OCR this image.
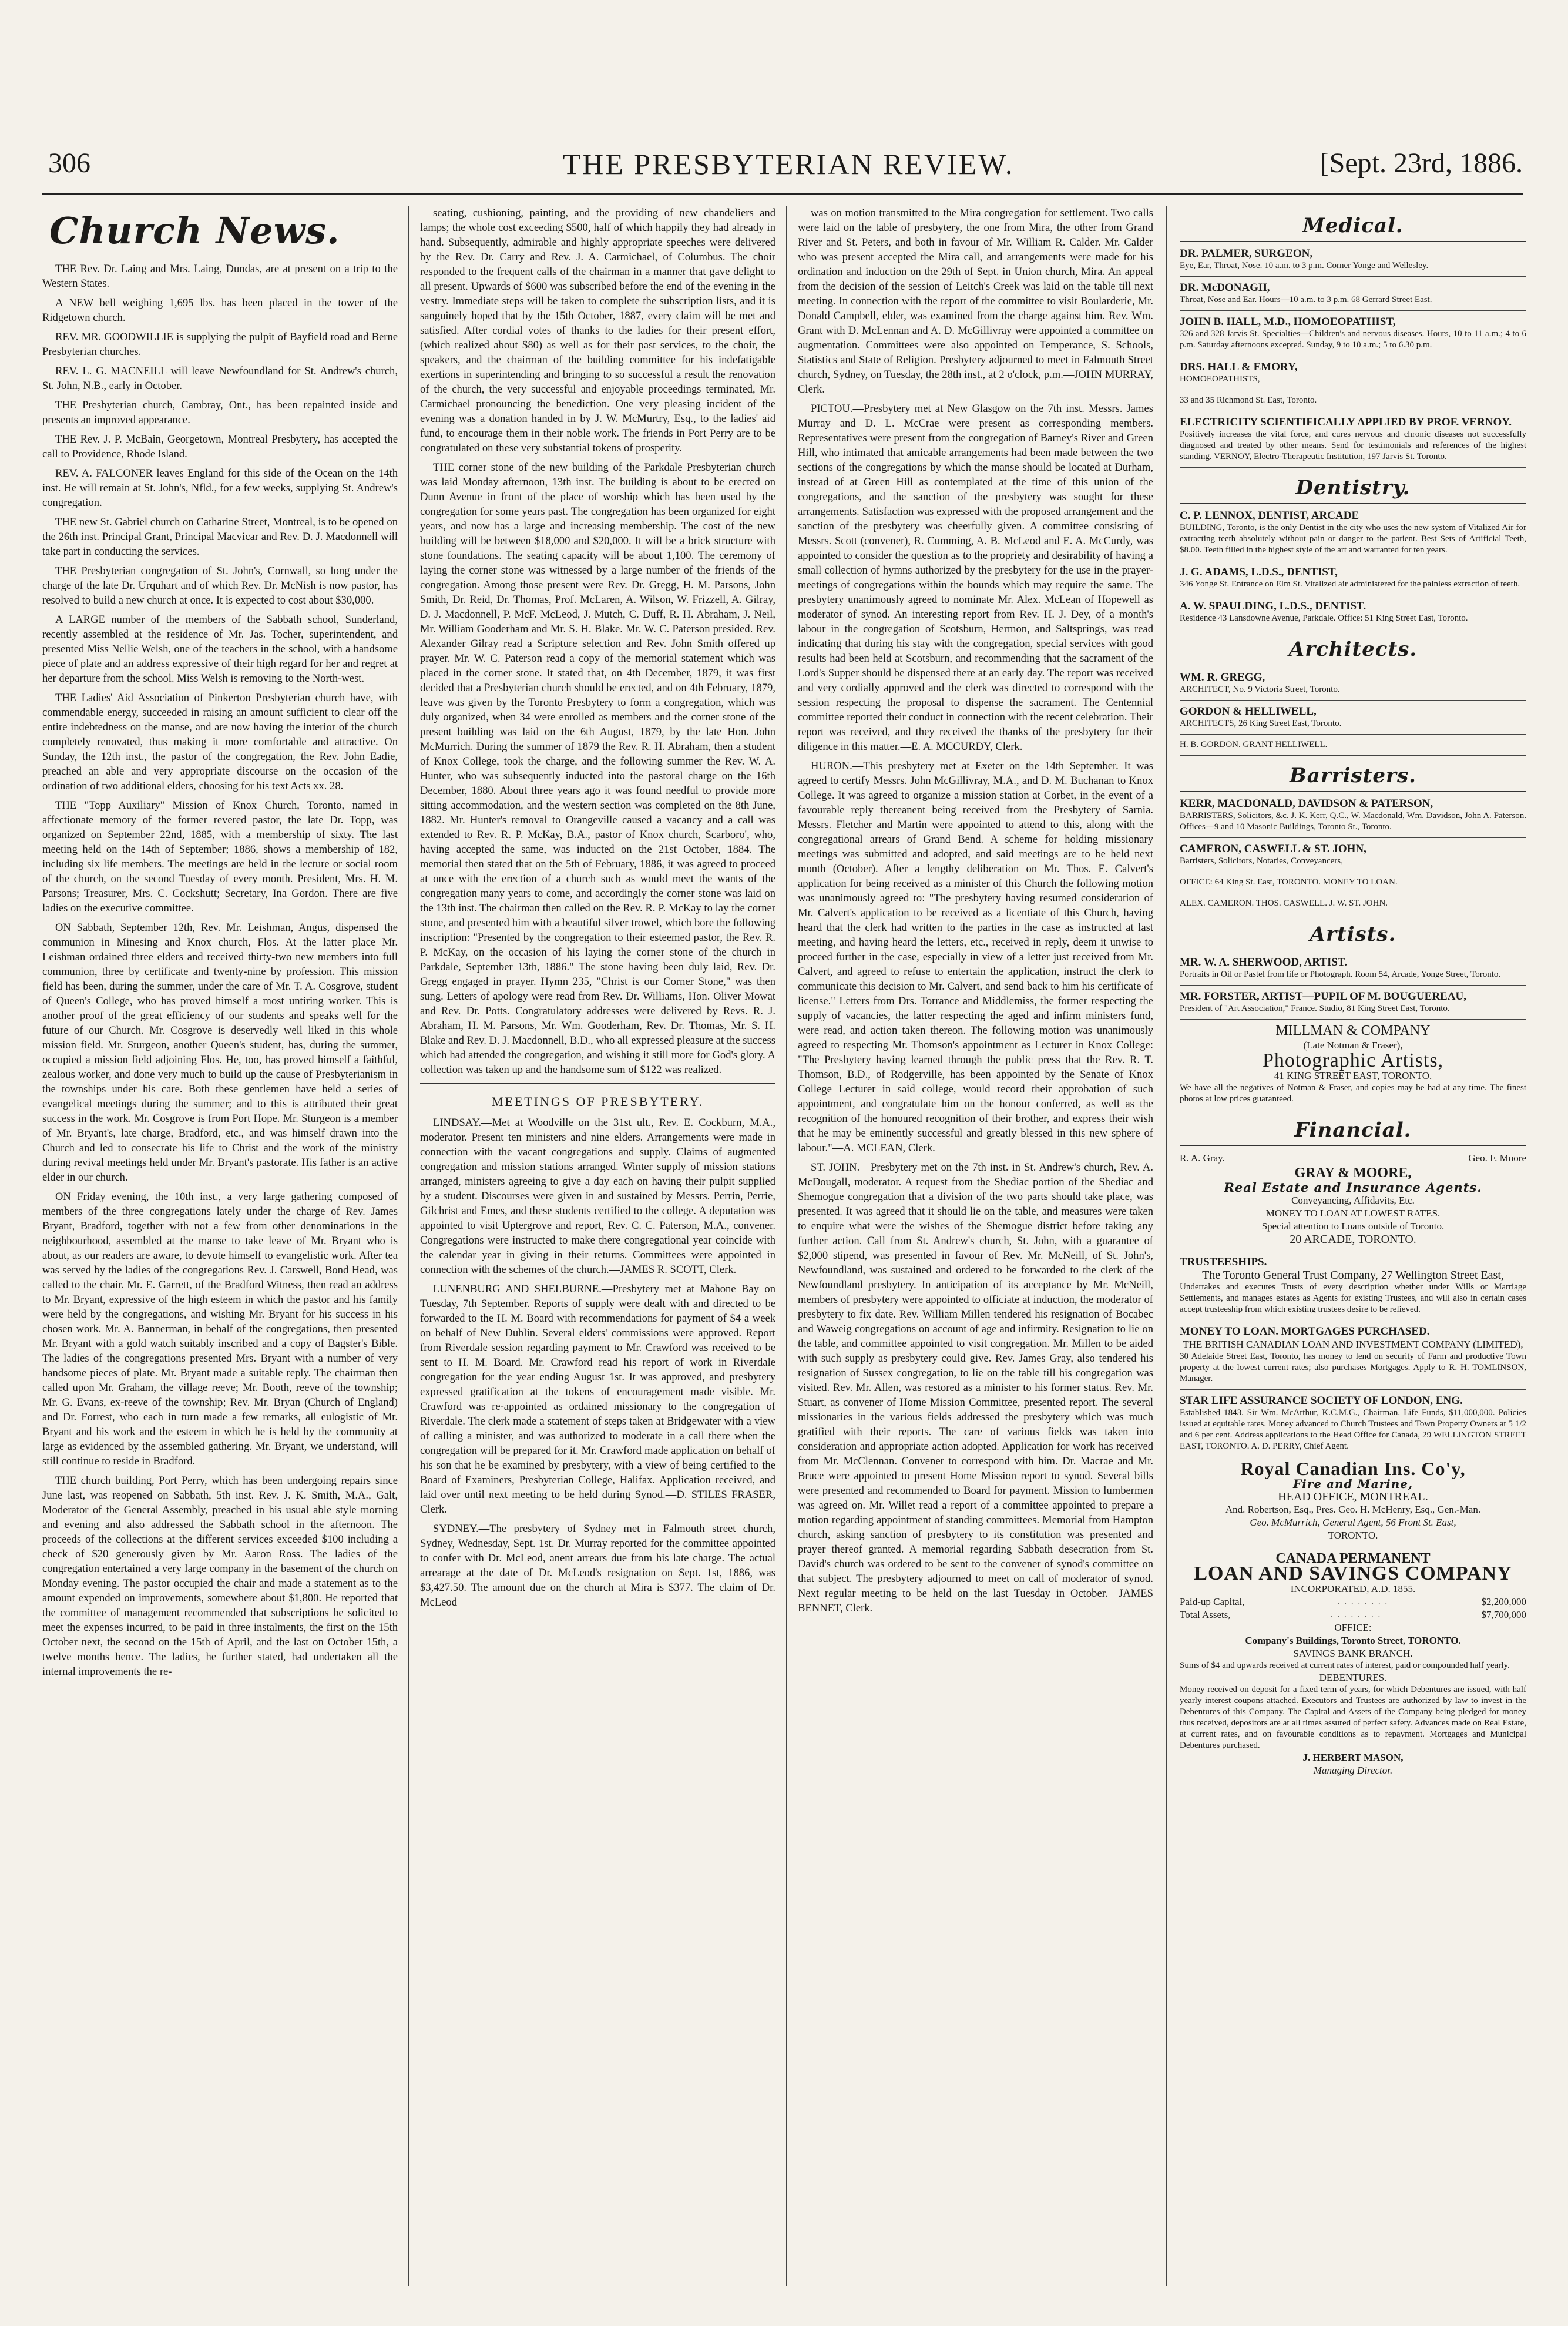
306	THE PRESBYTERIAN REVIEW.	[Sept. 23rd, 1886.
Church News.

THE Rev. Dr. Laing and Mrs. Laing, Dundas, are at present on a trip to the Western States.

A NEW bell weighing 1,695 lbs. has been placed in the tower of the Ridgetown church.

REV. MR. GOODWILLIE is supplying the pulpit of Bayfield road and Berne Presbyterian churches.

REV. L. G. MACNEILL will leave Newfoundland for St. Andrew's church, St. John, N.B., early in October.

THE Presbyterian church, Cambray, Ont., has been repainted inside and presents an improved appearance.

THE Rev. J. P. McBain, Georgetown, Montreal Presbytery, has accepted the call to Providence, Rhode Island.

REV. A. FALCONER leaves England for this side of the Ocean on the 14th inst. He will remain at St. John's, Nfld., for a few weeks, supplying St. Andrew's congregation.

THE new St. Gabriel church on Catharine Street, Montreal, is to be opened on the 26th inst. Principal Grant, Principal Macvicar and Rev. D. J. Macdonnell will take part in conducting the services.

THE Presbyterian congregation of St. John's, Cornwall, so long under the charge of the late Dr. Urquhart and of which Rev. Dr. McNish is now pastor, has resolved to build a new church at once. It is expected to cost about $30,000.

A LARGE number of the members of the Sabbath school, Sunderland, recently assembled at the residence of Mr. Jas. Tocher, superintendent, and presented Miss Nellie Welsh, one of the teachers in the school, with a handsome piece of plate and an address expressive of their high regard for her and regret at her departure from the school. Miss Welsh is removing to the North-west.

THE Ladies' Aid Association of Pinkerton Presbyterian church have, with commendable energy, succeeded in raising an amount sufficient to clear off the entire indebtedness on the manse, and are now having the interior of the church completely renovated, thus making it more comfortable and attractive. On Sunday, the 12th inst., the pastor of the congregation, the Rev. John Eadie, preached an able and very appropriate discourse on the occasion of the ordination of two additional elders, choosing for his text Acts xx. 28.

THE "Topp Auxiliary" Mission of Knox Church, Toronto, named in affectionate memory of the former revered pastor, the late Dr. Topp, was organized on September 22nd, 1885, with a membership of sixty. The last meeting held on the 14th of September; 1886, shows a membership of 182, including six life members. The meetings are held in the lecture or social room of the church, on the second Tuesday of every month. President, Mrs. H. M. Parsons; Treasurer, Mrs. C. Cockshutt; Secretary, Ina Gordon. There are five ladies on the executive committee.

ON Sabbath, September 12th, Rev. Mr. Leishman, Angus, dispensed the communion in Minesing and Knox church, Flos. At the latter place Mr. Leishman ordained three elders and received thirty-two new members into full communion, three by certificate and twenty-nine by profession. This mission field has been, during the summer, under the care of Mr. T. A. Cosgrove, student of Queen's College, who has proved himself a most untiring worker. This is another proof of the great efficiency of our students and speaks well for the future of our Church. Mr. Cosgrove is deservedly well liked in this whole mission field. Mr. Sturgeon, another Queen's student, has, during the summer, occupied a mission field adjoining Flos. He, too, has proved himself a faithful, zealous worker, and done very much to build up the cause of Presbyterianism in the townships under his care. Both these gentlemen have held a series of evangelical meetings during the summer; and to this is attributed their great success in the work. Mr. Cosgrove is from Port Hope. Mr. Sturgeon is a member of Mr. Bryant's, late charge, Bradford, etc., and was himself drawn into the Church and led to consecrate his life to Christ and the work of the ministry during revival meetings held under Mr. Bryant's pastorate. His father is an active elder in our church.

ON Friday evening, the 10th inst., a very large gathering composed of members of the three congregations lately under the charge of Rev. James Bryant, Bradford, together with not a few from other denominations in the neighbourhood, assembled at the manse to take leave of Mr. Bryant who is about, as our readers are aware, to devote himself to evangelistic work. After tea was served by the ladies of the congregations Rev. J. Carswell, Bond Head, was called to the chair. Mr. E. Garrett, of the Bradford Witness, then read an address to Mr. Bryant, expressive of the high esteem in which the pastor and his family were held by the congregations, and wishing Mr. Bryant for his success in his chosen work. Mr. A. Bannerman, in behalf of the congregations, then presented Mr. Bryant with a gold watch suitably inscribed and a copy of Bagster's Bible. The ladies of the congregations presented Mrs. Bryant with a number of very handsome pieces of plate. Mr. Bryant made a suitable reply. The chairman then called upon Mr. Graham, the village reeve; Mr. Booth, reeve of the township; Mr. G. Evans, ex-reeve of the township; Rev. Mr. Bryan (Church of England) and Dr. Forrest, who each in turn made a few remarks, all eulogistic of Mr. Bryant and his work and the esteem in which he is held by the community at large as evidenced by the assembled gathering. Mr. Bryant, we understand, will still continue to reside in Bradford.

THE church building, Port Perry, which has been undergoing repairs since June last, was reopened on Sabbath, 5th inst. Rev. J. K. Smith, M.A., Galt, Moderator of the General Assembly, preached in his usual able style morning and evening and also addressed the Sabbath school in the afternoon. The proceeds of the collections at the different services exceeded $100 including a check of $20 generously given by Mr. Aaron Ross. The ladies of the congregation entertained a very large company in the basement of the church on Monday evening. The pastor occupied the chair and made a statement as to the amount expended on improvements, somewhere about $1,800. He reported that the committee of management recommended that subscriptions be solicited to meet the expenses incurred, to be paid in three instalments, the first on the 15th October next, the second on the 15th of April, and the last on October 15th, a twelve months hence. The ladies, he further stated, had undertaken all the internal improvements the re-

seating, cushioning, painting, and the providing of new chandeliers and lamps; the whole cost exceeding $500, half of which happily they had already in hand. Subsequently, admirable and highly appropriate speeches were delivered by the Rev. Dr. Carry and Rev. J. A. Carmichael, of Columbus. The choir responded to the frequent calls of the chairman in a manner that gave delight to all present. Upwards of $600 was subscribed before the end of the evening in the vestry. Immediate steps will be taken to complete the subscription lists, and it is sanguinely hoped that by the 15th October, 1887, every claim will be met and satisfied. After cordial votes of thanks to the ladies for their present effort, (which realized about $80) as well as for their past services, to the choir, the speakers, and the chairman of the building committee for his indefatigable exertions in superintending and bringing to so successful a result the renovation of the church, the very successful and enjoyable proceedings terminated, Mr. Carmichael pronouncing the benediction. One very pleasing incident of the evening was a donation handed in by J. W. McMurtry, Esq., to the ladies' aid fund, to encourage them in their noble work. The friends in Port Perry are to be congratulated on these very substantial tokens of prosperity.

THE corner stone of the new building of the Parkdale Presbyterian church was laid Monday afternoon, 13th inst. The building is about to be erected on Dunn Avenue in front of the place of worship which has been used by the congregation for some years past. The congregation has been organized for eight years, and now has a large and increasing membership. The cost of the new building will be between $18,000 and $20,000. It will be a brick structure with stone foundations. The seating capacity will be about 1,100. The ceremony of laying the corner stone was witnessed by a large number of the friends of the congregation. Among those present were Rev. Dr. Gregg, H. M. Parsons, John Smith, Dr. Reid, Dr. Thomas, Prof. McLaren, A. Wilson, W. Frizzell, A. Gilray, D. J. Macdonnell, P. McF. McLeod, J. Mutch, C. Duff, R. H. Abraham, J. Neil, Mr. William Gooderham and Mr. S. H. Blake. Mr. W. C. Paterson presided. Rev. Alexander Gilray read a Scripture selection and Rev. John Smith offered up prayer. Mr. W. C. Paterson read a copy of the memorial statement which was placed in the corner stone. It stated that, on 4th December, 1879, it was first decided that a Presbyterian church should be erected, and on 4th February, 1879, leave was given by the Toronto Presbytery to form a congregation, which was duly organized, when 34 were enrolled as members and the corner stone of the present building was laid on the 6th August, 1879, by the late Hon. John McMurrich. During the summer of 1879 the Rev. R. H. Abraham, then a student of Knox College, took the charge, and the following summer the Rev. W. A. Hunter, who was subsequently inducted into the pastoral charge on the 16th December, 1880. About three years ago it was found needful to provide more sitting accommodation, and the western section was completed on the 8th June, 1882. Mr. Hunter's removal to Orangeville caused a vacancy and a call was extended to Rev. R. P. McKay, B.A., pastor of Knox church, Scarboro', who, having accepted the same, was inducted on the 21st October, 1884. The memorial then stated that on the 5th of February, 1886, it was agreed to proceed at once with the erection of a church such as would meet the wants of the congregation many years to come, and accordingly the corner stone was laid on the 13th inst. The chairman then called on the Rev. R. P. McKay to lay the corner stone, and presented him with a beautiful silver trowel, which bore the following inscription: "Presented by the congregation to their esteemed pastor, the Rev. R. P. McKay, on the occasion of his laying the corner stone of the church in Parkdale, September 13th, 1886." The stone having been duly laid, Rev. Dr. Gregg engaged in prayer. Hymn 235, "Christ is our Corner Stone," was then sung. Letters of apology were read from Rev. Dr. Williams, Hon. Oliver Mowat and Rev. Dr. Potts. Congratulatory addresses were delivered by Revs. R. J. Abraham, H. M. Parsons, Mr. Wm. Gooderham, Rev. Dr. Thomas, Mr. S. H. Blake and Rev. D. J. Macdonnell, B.D., who all expressed pleasure at the success which had attended the congregation, and wishing it still more for God's glory. A collection was taken up and the handsome sum of $122 was realized.

MEETINGS OF PRESBYTERY.

LINDSAY.—Met at Woodville on the 31st ult., Rev. E. Cockburn, M.A., moderator. Present ten ministers and nine elders. Arrangements were made in connection with the vacant congregations and supply. Claims of augmented congregation and mission stations arranged. Winter supply of mission stations arranged, ministers agreeing to give a day each on having their pulpit supplied by a student. Discourses were given in and sustained by Messrs. Perrin, Perrie, Gilchrist and Emes, and these students certified to the college. A deputation was appointed to visit Uptergrove and report, Rev. C. C. Paterson, M.A., convener. Congregations were instructed to make there congregational year coincide with the calendar year in giving in their returns. Committees were appointed in connection with the schemes of the church.—JAMES R. SCOTT, Clerk.

LUNENBURG AND SHELBURNE.—Presbytery met at Mahone Bay on Tuesday, 7th September. Reports of supply were dealt with and directed to be forwarded to the H. M. Board with recommendations for payment of $4 a week on behalf of New Dublin. Several elders' commissions were approved. Report from Riverdale session regarding payment to Mr. Crawford was received to be sent to H. M. Board. Mr. Crawford read his report of work in Riverdale congregation for the year ending August 1st. It was approved, and presbytery expressed gratification at the tokens of encouragement made visible. Mr. Crawford was re-appointed as ordained missionary to the congregation of Riverdale. The clerk made a statement of steps taken at Bridgewater with a view of calling a minister, and was authorized to moderate in a call there when the congregation will be prepared for it. Mr. Crawford made application on behalf of his son that he be examined by presbytery, with a view of being certified to the Board of Examiners, Presbyterian College, Halifax. Application received, and laid over until next meeting to be held during Synod.—D. STILES FRASER, Clerk.

SYDNEY.—The presbytery of Sydney met in Falmouth street church, Sydney, Wednesday, Sept. 1st. Dr. Murray reported for the committee appointed to confer with Dr. McLeod, anent arrears due from his late charge. The actual arrearage at the date of Dr. McLeod's resignation on Sept. 1st, 1886, was $3,427.50. The amount due on the church at Mira is $377. The claim of Dr. McLeod

was on motion transmitted to the Mira congregation for settlement. Two calls were laid on the table of presbytery, the one from Mira, the other from Grand River and St. Peters, and both in favour of Mr. William R. Calder. Mr. Calder who was present accepted the Mira call, and arrangements were made for his ordination and induction on the 29th of Sept. in Union church, Mira. An appeal from the decision of the session of Leitch's Creek was laid on the table till next meeting. In connection with the report of the committee to visit Boularderie, Mr. Donald Campbell, elder, was examined from the charge against him. Rev. Wm. Grant with D. McLennan and A. D. McGillivray were appointed a committee on augmentation. Committees were also appointed on Temperance, S. Schools, Statistics and State of Religion. Presbytery adjourned to meet in Falmouth Street church, Sydney, on Tuesday, the 28th inst., at 2 o'clock, p.m.—JOHN MURRAY, Clerk.

PICTOU.—Presbytery met at New Glasgow on the 7th inst. Messrs. James Murray and D. L. McCrae were present as corresponding members. Representatives were present from the congregation of Barney's River and Green Hill, who intimated that amicable arrangements had been made between the two sections of the congregations by which the manse should be located at Durham, instead of at Green Hill as contemplated at the time of this union of the congregations, and the sanction of the presbytery was sought for these arrangements. Satisfaction was expressed with the proposed arrangement and the sanction of the presbytery was cheerfully given. A committee consisting of Messrs. Scott (convener), R. Cumming, A. B. McLeod and E. A. McCurdy, was appointed to consider the question as to the propriety and desirability of having a small collection of hymns authorized by the presbytery for the use in the prayer-meetings of congregations within the bounds which may require the same. The presbytery unanimously agreed to nominate Mr. Alex. McLean of Hopewell as moderator of synod. An interesting report from Rev. H. J. Dey, of a month's labour in the congregation of Scotsburn, Hermon, and Saltsprings, was read indicating that during his stay with the congregation, special services with good results had been held at Scotsburn, and recommending that the sacrament of the Lord's Supper should be dispensed there at an early day. The report was received and very cordially approved and the clerk was directed to correspond with the session respecting the proposal to dispense the sacrament. The Centennial committee reported their conduct in connection with the recent celebration. Their report was received, and they received the thanks of the presbytery for their diligence in this matter.—E. A. MCCURDY, Clerk.

HURON.—This presbytery met at Exeter on the 14th September. It was agreed to certify Messrs. John McGillivray, M.A., and D. M. Buchanan to Knox College. It was agreed to organize a mission station at Corbet, in the event of a favourable reply thereanent being received from the Presbytery of Sarnia. Messrs. Fletcher and Martin were appointed to attend to this, along with the congregational arrears of Grand Bend. A scheme for holding missionary meetings was submitted and adopted, and said meetings are to be held next month (October). After a lengthy deliberation on Mr. Thos. E. Calvert's application for being received as a minister of this Church the following motion was unanimously agreed to: "The presbytery having resumed consideration of Mr. Calvert's application to be received as a licentiate of this Church, having heard that the clerk had written to the parties in the case as instructed at last meeting, and having heard the letters, etc., received in reply, deem it unwise to proceed further in the case, especially in view of a letter just received from Mr. Calvert, and agreed to refuse to entertain the application, instruct the clerk to communicate this decision to Mr. Calvert, and send back to him his certificate of license." Letters from Drs. Torrance and Middlemiss, the former respecting the supply of vacancies, the latter respecting the aged and infirm ministers fund, were read, and action taken thereon. The following motion was unanimously agreed to respecting Mr. Thomson's appointment as Lecturer in Knox College: "The Presbytery having learned through the public press that the Rev. R. T. Thomson, B.D., of Rodgerville, has been appointed by the Senate of Knox College Lecturer in said college, would record their approbation of such appointment, and congratulate him on the honour conferred, as well as the recognition of the honoured recognition of their brother, and express their wish that he may be eminently successful and greatly blessed in this new sphere of labour."—A. MCLEAN, Clerk.

ST. JOHN.—Presbytery met on the 7th inst. in St. Andrew's church, Rev. A. McDougall, moderator. A request from the Shediac portion of the Shediac and Shemogue congregation that a division of the two parts should take place, was presented. It was agreed that it should lie on the table, and measures were taken to enquire what were the wishes of the Shemogue district before taking any further action. Call from St. Andrew's church, St. John, with a guarantee of $2,000 stipend, was presented in favour of Rev. Mr. McNeill, of St. John's, Newfoundland, was sustained and ordered to be forwarded to the clerk of the Newfoundland presbytery. In anticipation of its acceptance by Mr. McNeill, members of presbytery were appointed to officiate at induction, the moderator of presbytery to fix date. Rev. William Millen tendered his resignation of Bocabec and Waweig congregations on account of age and infirmity. Resignation to lie on the table, and committee appointed to visit congregation. Mr. Millen to be aided with such supply as presbytery could give. Rev. James Gray, also tendered his resignation of Sussex congregation, to lie on the table till his congregation was visited. Rev. Mr. Allen, was restored as a minister to his former status. Rev. Mr. Stuart, as convener of Home Mission Committee, presented report. The several missionaries in the various fields addressed the presbytery which was much gratified with their reports. The care of various fields was taken into consideration and appropriate action adopted. Application for work has received from Mr. McClennan. Convener to correspond with him. Dr. Macrae and Mr. Bruce were appointed to present Home Mission report to synod. Several bills were presented and recommended to Board for payment. Mission to lumbermen was agreed on. Mr. Willet read a report of a committee appointed to prepare a motion regarding appointment of standing committees. Memorial from Hampton church, asking sanction of presbytery to its constitution was presented and prayer thereof granted. A memorial regarding Sabbath desecration from St. David's church was ordered to be sent to the convener of synod's committee on that subject. The presbytery adjourned to meet on call of moderator of synod. Next regular meeting to be held on the last Tuesday in October.—JAMES BENNET, Clerk.

Medical.
DR. PALMER, SURGEON,
Eye, Ear, Throat, Nose. 10 a.m. to 3 p.m. Corner Yonge and Wellesley.
DR. McDONAGH,
Throat, Nose and Ear. Hours—10 a.m. to 3 p.m. 68 Gerrard Street East.
JOHN B. HALL, M.D., HOMOEOPATHIST,
326 and 328 Jarvis St. Specialties—Children's and nervous diseases. Hours, 10 to 11 a.m.; 4 to 6 p.m. Saturday afternoons excepted. Sunday, 9 to 10 a.m.; 5 to 6.30 p.m.
DRS. HALL & EMORY,
HOMOEOPATHISTS,
33 and 35 Richmond St. East, Toronto.
ELECTRICITY SCIENTIFICALLY APPLIED BY PROF. VERNOY.
Positively increases the vital force, and cures nervous and chronic diseases not successfully diagnosed and treated by other means. Send for testimonials and references of the highest standing. VERNOY, Electro-Therapeutic Institution, 197 Jarvis St. Toronto.
Dentistry.
C. P. LENNOX, DENTIST, ARCADE
BUILDING, Toronto, is the only Dentist in the city who uses the new system of Vitalized Air for extracting teeth absolutely without pain or danger to the patient. Best Sets of Artificial Teeth, $8.00. Teeth filled in the highest style of the art and warranted for ten years.
J. G. ADAMS, L.D.S., DENTIST,
346 Yonge St. Entrance on Elm St. Vitalized air administered for the painless extraction of teeth.
A. W. SPAULDING, L.D.S., DENTIST.
Residence 43 Lansdowne Avenue, Parkdale. Office: 51 King Street East, Toronto.
Architects.
WM. R. GREGG,
ARCHITECT, No. 9 Victoria Street, Toronto.
GORDON & HELLIWELL,
ARCHITECTS, 26 King Street East, Toronto.
H. B. GORDON. GRANT HELLIWELL.
Barristers.
KERR, MACDONALD, DAVIDSON & PATERSON,
BARRISTERS, Solicitors, &c. J. K. Kerr, Q.C., W. Macdonald, Wm. Davidson, John A. Paterson. Offices—9 and 10 Masonic Buildings, Toronto St., Toronto.
CAMERON, CASWELL & ST. JOHN,
Barristers, Solicitors, Notaries, Conveyancers,
OFFICE: 64 King St. East, TORONTO. MONEY TO LOAN.
ALEX. CAMERON. THOS. CASWELL. J. W. ST. JOHN.
Artists.
MR. W. A. SHERWOOD, ARTIST.
Portraits in Oil or Pastel from life or Photograph. Room 54, Arcade, Yonge Street, Toronto.
MR. FORSTER, ARTIST—PUPIL OF M. BOUGUEREAU,
President of "Art Association," France. Studio, 81 King Street East, Toronto.
MILLMAN & COMPANY
(Late Notman & Fraser),
Photographic Artists,
41 KING STREET EAST, TORONTO.
We have all the negatives of Notman & Fraser, and copies may be had at any time. The finest photos at low prices guaranteed.
Financial.
R. A. Gray.	Geo. F. Moore
GRAY & MOORE,
Real Estate and Insurance Agents.
Conveyancing, Affidavits, Etc.
MONEY TO LOAN AT LOWEST RATES.
Special attention to Loans outside of Toronto.
20 ARCADE, TORONTO.
TRUSTEESHIPS.
The Toronto General Trust Company, 27 Wellington Street East,
Undertakes and executes Trusts of every description whether under Wills or Marriage Settlements, and manages estates as Agents for existing Trustees, and will also in certain cases accept trusteeship from which existing trustees desire to be relieved.
MONEY TO LOAN. MORTGAGES PURCHASED.
THE BRITISH CANADIAN LOAN AND INVESTMENT COMPANY (LIMITED),
30 Adelaide Street East, Toronto, has money to lend on security of Farm and productive Town property at the lowest current rates; also purchases Mortgages. Apply to R. H. TOMLINSON, Manager.
STAR LIFE ASSURANCE SOCIETY OF LONDON, ENG.
Established 1843. Sir Wm. McArthur, K.C.M.G., Chairman. Life Funds, $11,000,000. Policies issued at equitable rates. Money advanced to Church Trustees and Town Property Owners at 5 1/2 and 6 per cent. Address applications to the Head Office for Canada, 29 WELLINGTON STREET EAST, TORONTO. A. D. PERRY, Chief Agent.
Royal Canadian Ins. Co'y,
Fire and Marine,
HEAD OFFICE, MONTREAL.
And. Robertson, Esq., Pres. Geo. H. McHenry, Esq., Gen.-Man.
Geo. McMurrich, General Agent, 56 Front St. East,
TORONTO.
CANADA PERMANENT
LOAN AND SAVINGS COMPANY
INCORPORATED, A.D. 1855.
Paid-up Capital,	. . . . . . . .	$2,200,000
Total Assets,	. . . . . . . .	$7,700,000
OFFICE:
Company's Buildings, Toronto Street, TORONTO.
SAVINGS BANK BRANCH.
Sums of $4 and upwards received at current rates of interest, paid or compounded half yearly.
DEBENTURES.
Money received on deposit for a fixed term of years, for which Debentures are issued, with half yearly interest coupons attached. Executors and Trustees are authorized by law to invest in the Debentures of this Company. The Capital and Assets of the Company being pledged for money thus received, depositors are at all times assured of perfect safety. Advances made on Real Estate, at current rates, and on favourable conditions as to repayment. Mortgages and Municipal Debentures purchased.
J. HERBERT MASON,
Managing Director.
